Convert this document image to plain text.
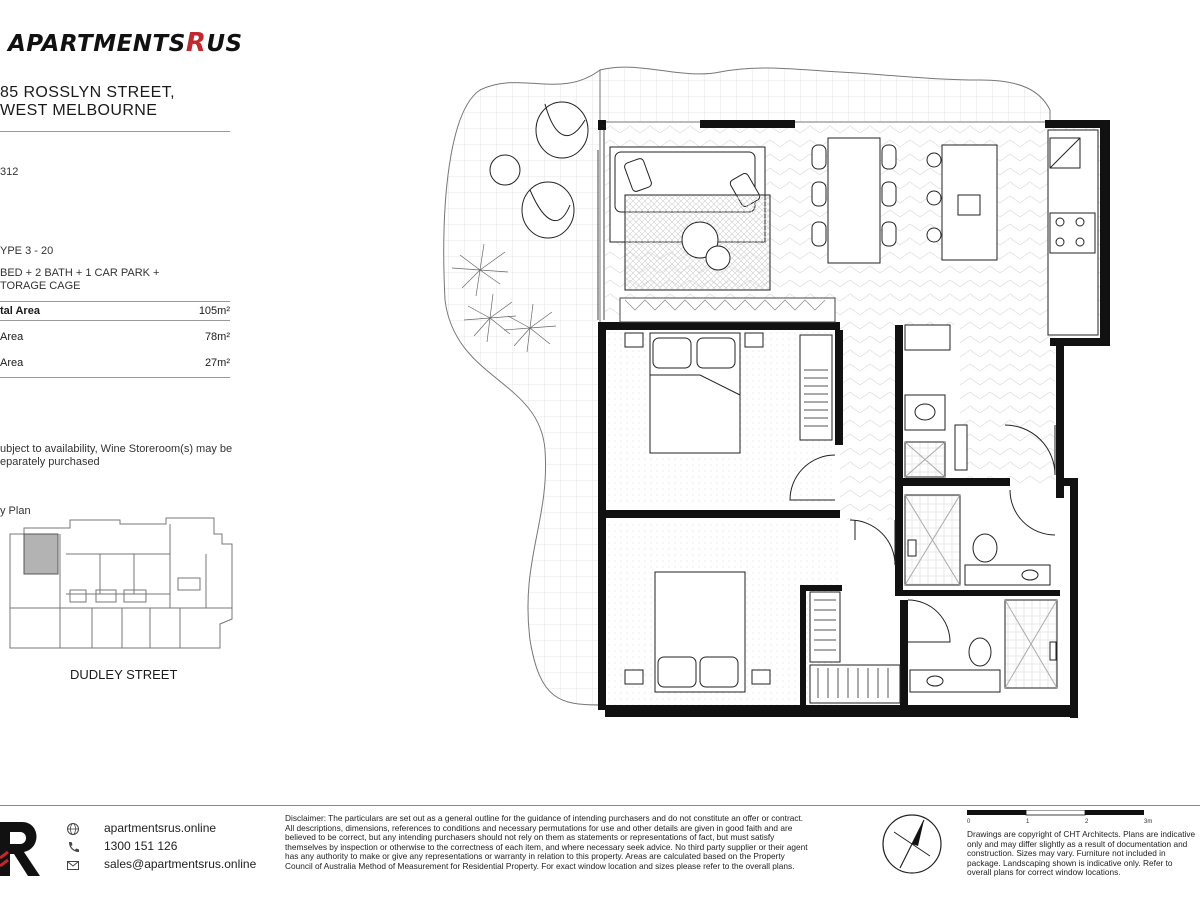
APARTMENTSRUS
85 ROSSLYN STREET,
WEST MELBOURNE
312
YPE 3 - 20
BED + 2 BATH + 1 CAR PARK +
TORAGE CAGE
tal Area	105m²
Area	78m²
Area	27m²
ubject to availability, Wine Storeroom(s) may be
eparately purchased
y Plan
DUDLEY STREET
apartmentsrus.online
1300 151 126
sales@apartmentsrus.online
Disclaimer: The particulars are set out as a general outline for the guidance of intending purchasers and do not constitute an offer or contract. All descriptions, dimensions, references to conditions and necessary permutations for use and other details are given in good faith and are believed to be correct, but any intending purchasers should not rely on them as statements or representations of fact, but must satisfy themselves by inspection or otherwise to the correctness of each item, and where necessary seek advice. No third party supplier or their agent has any authority to make or give any representations or warranty in relation to this property. Areas are calculated based on the Property Council of Australia Method of Measurement for Residential Property. For exact window location and sizes please refer to the overall plans.
0	1	2	3m
Drawings are copyright of CHT Architects. Plans are indicative only and may differ slightly as a result of documentation and construction. Sizes may vary. Furniture not included in package. Landscaping shown is indicative only. Refer to overall plans for correct window locations.
